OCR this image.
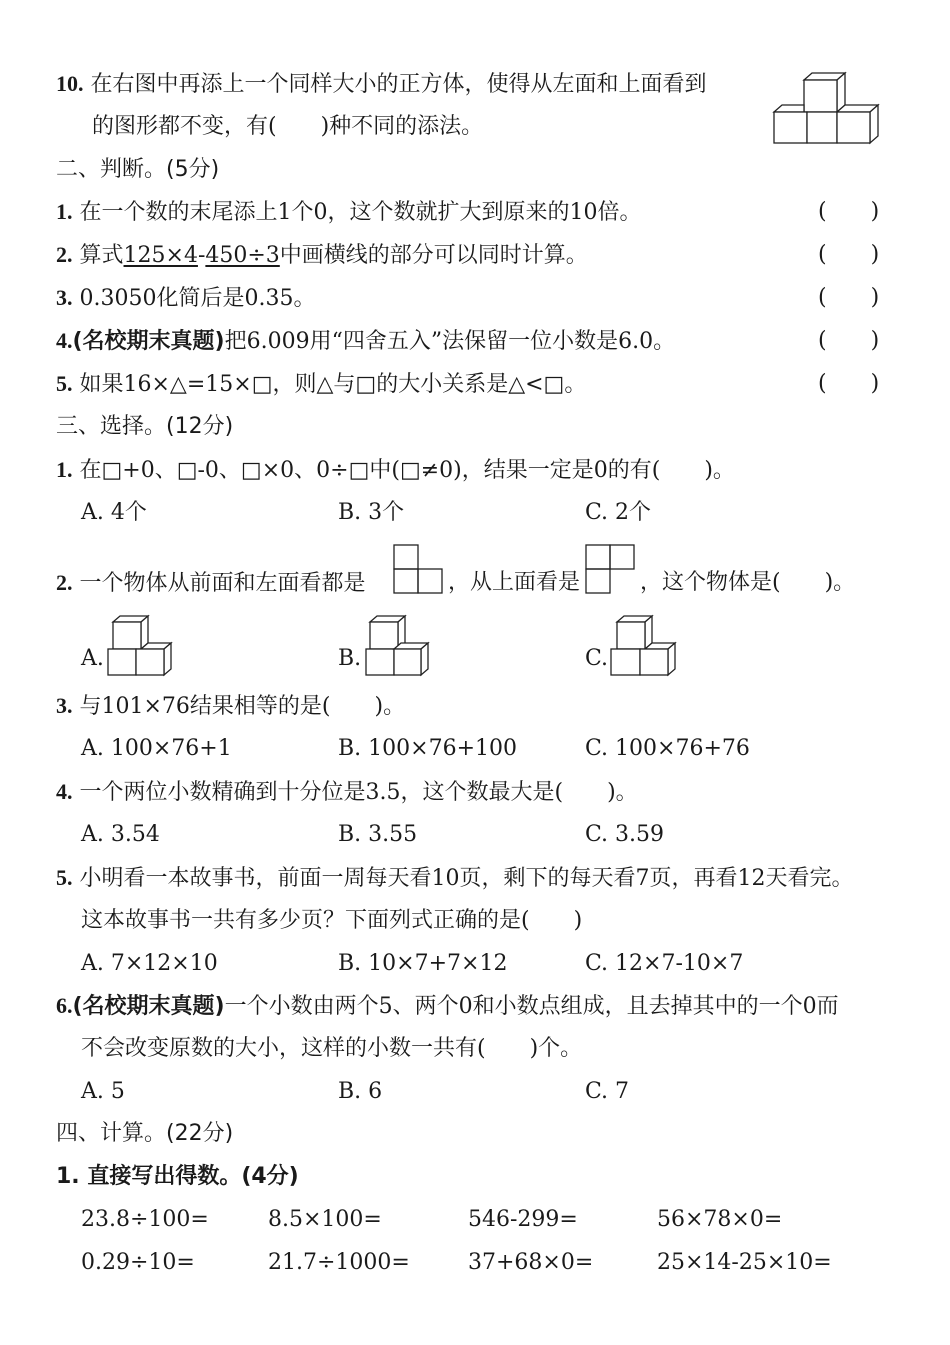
10. 在右图中再添上一个同样大小的正方体，使得从左面和上面看到
的图形都不变，有(　　)种不同的添法。
二、判断。(5分)
1. 在一个数的末尾添上1个0，这个数就扩大到原来的10倍。	(　　)
2. 算式125×4-450÷3中画横线的部分可以同时计算。	(　　)
3. 0.3050化简后是0.35。	(　　)
4.(名校期末真题)把6.009用“四舍五入”法保留一位小数是6.0。	(　　)
5. 如果16×△=15×□，则△与□的大小关系是△<□。	(　　)
三、选择。(12分)
1. 在□+0、□-0、□×0、0÷□中(□≠0)，结果一定是0的有(　　)。
A. 4个	B. 3个	C. 2个
2. 一个物体从前面和左面看都是	，从上面看是	，这个物体是(　　)。
A.	B.	C.
3. 与101×76结果相等的是(　　)。
A. 100×76+1	B. 100×76+100	C. 100×76+76
4. 一个两位小数精确到十分位是3.5，这个数最大是(　　)。
A. 3.54	B. 3.55	C. 3.59
5. 小明看一本故事书，前面一周每天看10页，剩下的每天看7页，再看12天看完。
这本故事书一共有多少页？下面列式正确的是(　　)
A. 7×12×10	B. 10×7+7×12	C. 12×7-10×7
6.(名校期末真题)一个小数由两个5、两个0和小数点组成，且去掉其中的一个0而
不会改变原数的大小，这样的小数一共有(　　)个。
A. 5	B. 6	C. 7
四、计算。(22分)
1. 直接写出得数。(4分)
23.8÷100=	8.5×100=	546-299=	56×78×0=
0.29÷10=	21.7÷1000=	37+68×0=	25×14-25×10=
